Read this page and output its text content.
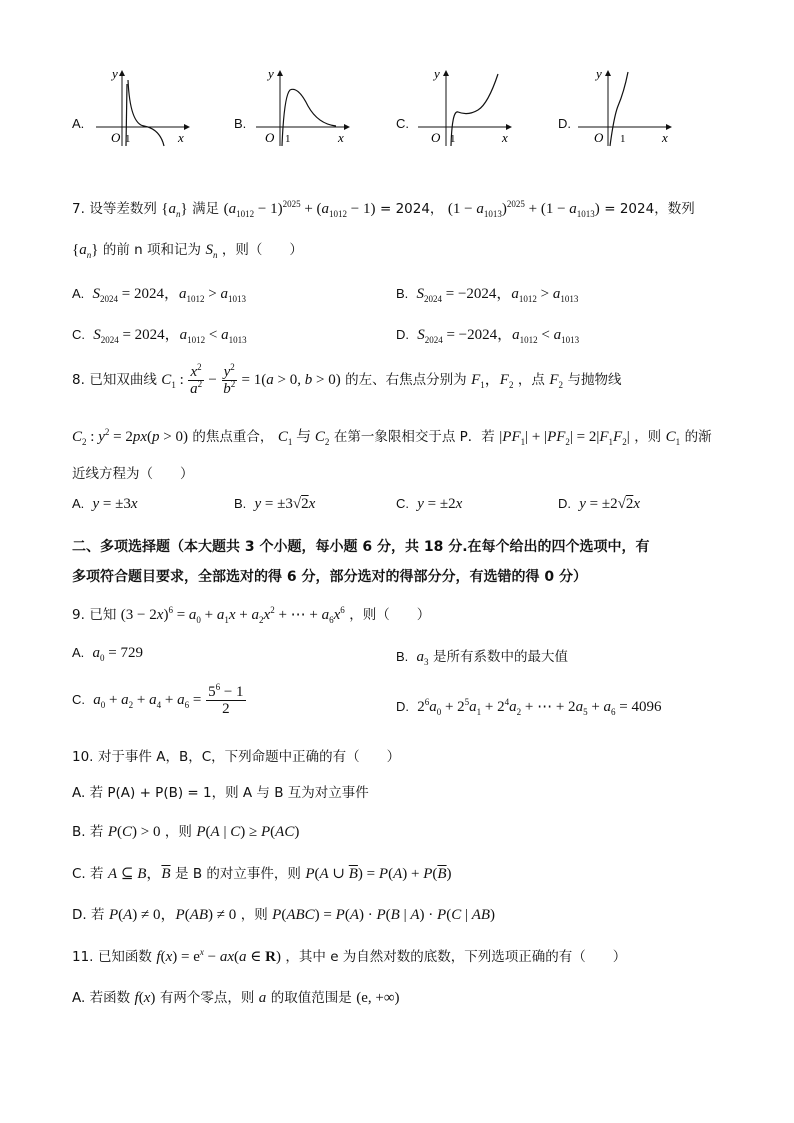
A.
O 1	x
y
B.
O 1	x
y
C.
O 1	x
y
D.
O 1	x
y
7. 设等差数列 $\{a_n\}$ 满足 $(a_{1012} - 1)^{2025} + (a_{1012} - 1) = 2024$， $(1 - a_{1013})^{2025} + (1 - a_{1013}) = 2024$，数列
$\{a_n\}$ 的前 n 项和记为 $S_n$ ，则（　　）
A. $S_{2024} = 2024$，$a_{1012} > a_{1013}$	B. $S_{2024} = -2024$，$a_{1012} > a_{1013}$
C. $S_{2024} = 2024$，$a_{1012} < a_{1013}$	D. $S_{2024} = -2024$，$a_{1012} < a_{1013}$
8. 已知双曲线 $C_1$ : $\frac{x^2}{a^2} - \frac{y^2}{b^2} = 1(a > 0$, b > 0) 的左、右焦点分别为 $F_1$，$F_2$ ，点 $F_2$ 与抛物线
$C_2$ : $y^2 = 2px(p > 0)$ 的焦点重合， $C_1$ 与 $C_2$ 在第一象限相交于点 P．若 $|PF_1| + |PF_2| = 2|F_1F_2|$ ，则 $C_1$ 的渐
近线方程为（　　）
A. y = ±3x	B. y = ±3√2x	C. y = ±2x	D. y = ±2√2x
二、多项选择题（本大题共 3 个小题，每小题 6 分，共 18 分.在每个给出的四个选项中，有
多项符合题目要求，全部选对的得 6 分，部分选对的得部分分，有选错的得 0 分）
9. 已知 $(3 - 2x)^6 = a_0 + a_1x + a_2x^2$ + ⋯ + $a_6x^6$ ，则（　　）
A. $a_0 = 729$	B. $a_3$ 是所有系数中的最大值
C. $a_0 + a_2 + a_4 + a_6 = \frac{5^6 - 1}{2}$	D.  $2^6a_0 + 2^5a_1 + 2^4a_2$ + ⋯ + $2a_5 + a_6 = 4096$
10. 对于事件 A，B，C，下列命题中正确的有（　　）
A. 若 P(A) + P(B) = 1，则 A 与 B 互为对立事件
B. 若 P(C) > 0 ，则 P(A | C) ≥ P(AC)
C. 若 A ⊆ B，$\overline{B}$ 是 B 的对立事件，则 P(A ∪ $\overline{B}) = P(A) + P(\overline{B})$
D. 若 P(A) ≠ 0，P(AB) ≠ 0 ，则 P(ABC) = P(A) · P(B | A) · P(C | AB)
11. 已知函数 $f(x) = e^x - ax(a$ ∈ R) ，其中 e 为自然对数的底数，下列选项正确的有（　　）
A. 若函数 f(x) 有两个零点，则 a 的取值范围是 (e, +∞)
